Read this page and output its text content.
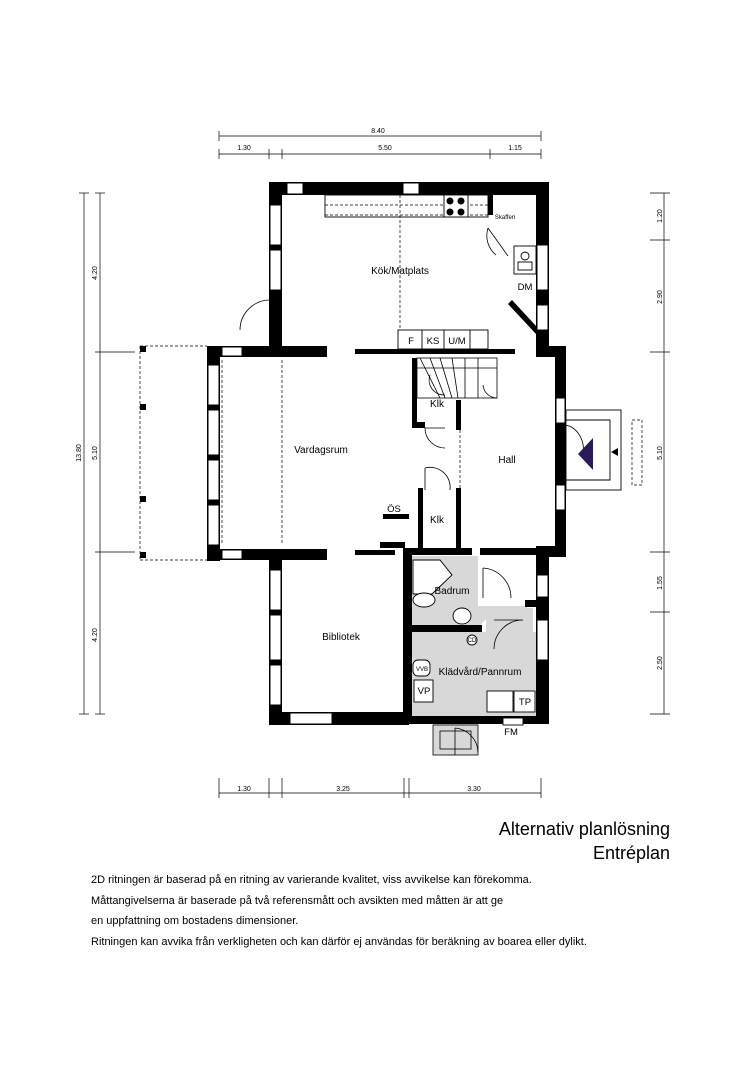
8.40
1.30	5.50	1.15
1.30	3.25	3.30
13.80
4.20
5.10
4.20
1.20
2.90
5.10
1.55
2.50
Kök/Matplats
Vardagsrum
Hall
Bibliotek
Badrum
Klädvård/Pannrum
Klk
Klk
F KS U/M
Skafferi
DM
ÖS
VVB
VP
TP
FM
CD
Alternativ planlösning
Entréplan
2D ritningen är baserad på en ritning av varierande kvalitet, viss avvikelse kan förekomma.
Måttangivelserna är baserade på två referensmått och avsikten med måtten är att ge
en uppfattning om bostadens dimensioner.
Ritningen kan avvika från verkligheten och kan därför ej användas för beräkning av boarea eller dylikt.
